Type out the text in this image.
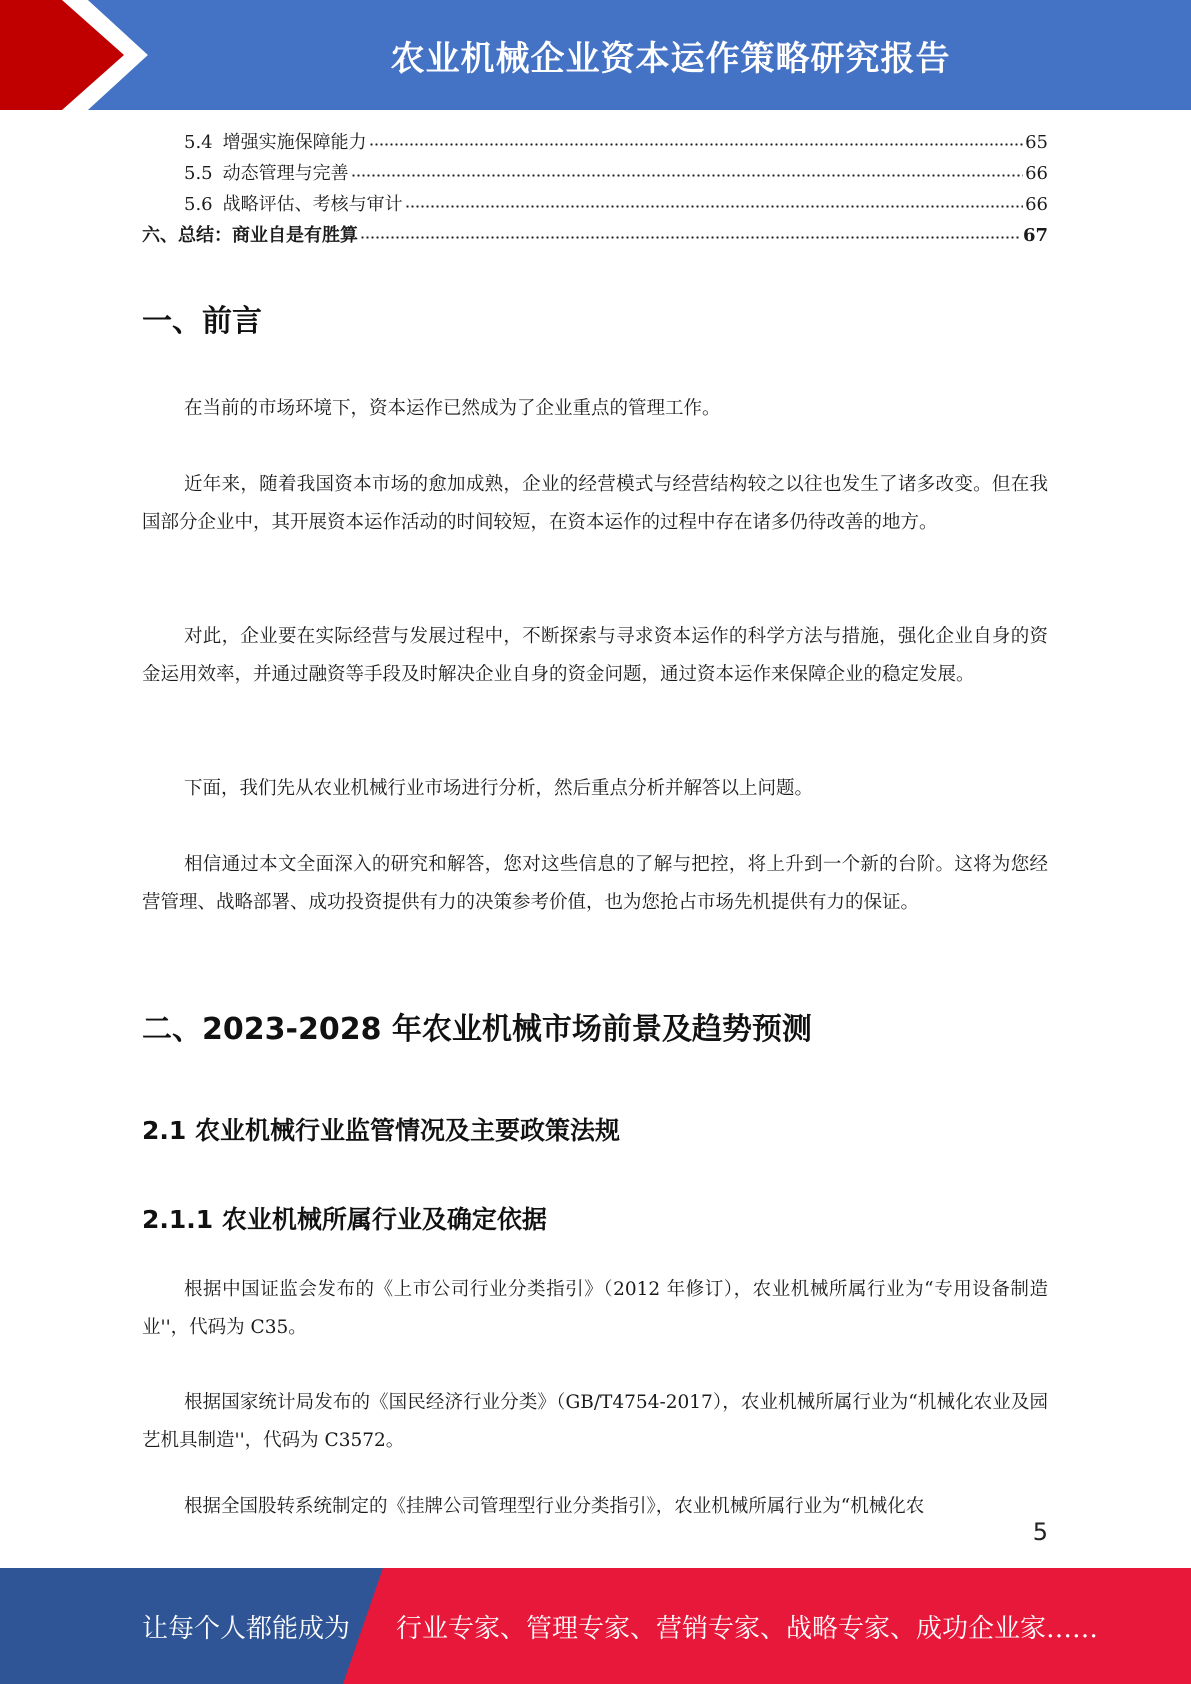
农业机械企业资本运作策略研究报告
5.4 增强实施保障能力	65
5.5 动态管理与完善	66
5.6 战略评估、考核与审计	66
六、总结：商业自是有胜算	67
一、前言

在当前的市场环境下，资本运作已然成为了企业重点的管理工作。

近年来，随着我国资本市场的愈加成熟，企业的经营模式与经营结构较之以往也发生了诸多改变。但在我国部分企业中，其开展资本运作活动的时间较短，在资本运作的过程中存在诸多仍待改善的地方。

对此，企业要在实际经营与发展过程中，不断探索与寻求资本运作的科学方法与措施，强化企业自身的资金运用效率，并通过融资等手段及时解决企业自身的资金问题，通过资本运作来保障企业的稳定发展。

下面，我们先从农业机械行业市场进行分析，然后重点分析并解答以上问题。

相信通过本文全面深入的研究和解答，您对这些信息的了解与把控，将上升到一个新的台阶。这将为您经营管理、战略部署、成功投资提供有力的决策参考价值，也为您抢占市场先机提供有力的保证。

二、2023-2028 年农业机械市场前景及趋势预测
2.1 农业机械行业监管情况及主要政策法规
2.1.1 农业机械所属行业及确定依据

根据中国证监会发布的《上市公司行业分类指引》（2012 年修订），农业机械所属行业为“专用设备制造业''，代码为 C35。

根据国家统计局发布的《国民经济行业分类》（GB/T4754-2017），农业机械所属行业为“机械化农业及园艺机具制造''，代码为 C3572。

根据全国股转系统制定的《挂牌公司管理型行业分类指引》，农业机械所属行业为“机械化农

5
让每个人都能成为 行业专家、管理专家、营销专家、战略专家、成功企业家……
